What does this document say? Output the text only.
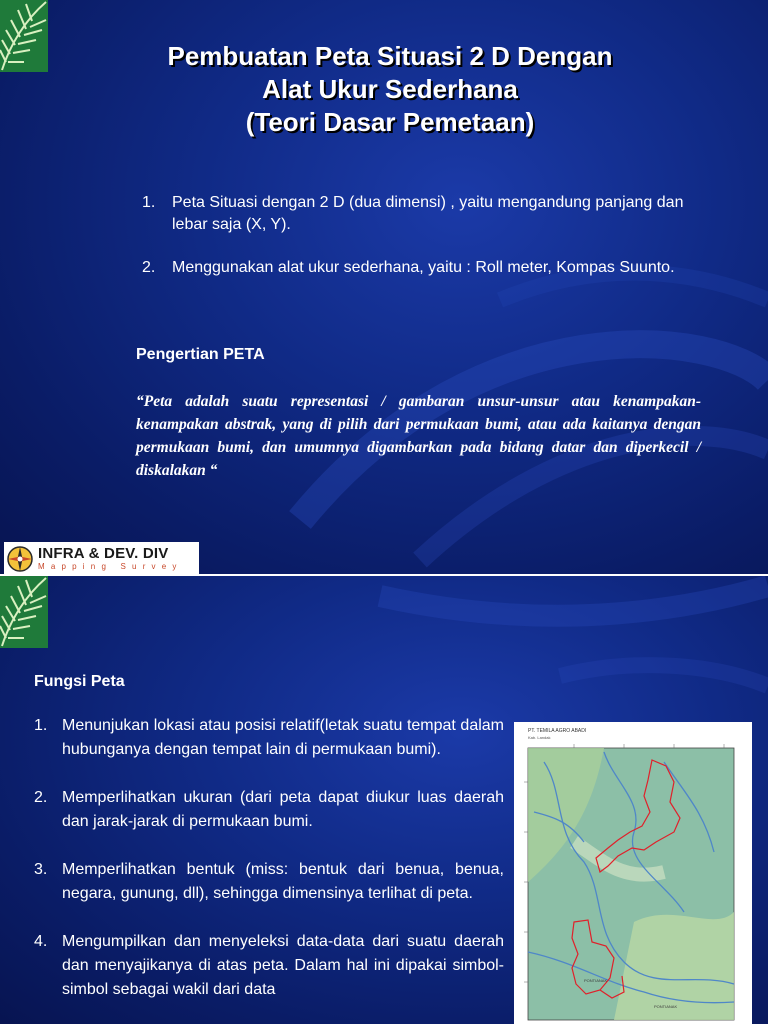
Pembuatan Peta Situasi 2 D Dengan
Alat Ukur Sederhana
(Teori Dasar Pemetaan)
1. Peta Situasi dengan 2 D (dua dimensi) , yaitu mengandung panjang dan lebar saja (X, Y).
2. Menggunakan alat ukur sederhana, yaitu : Roll meter, Kompas Suunto.
Pengertian PETA
“Peta adalah suatu representasi / gambaran unsur-unsur atau kenampakan-kenampakan abstrak, yang di pilih dari permukaan bumi, atau ada kaitanya dengan permukaan bumi, dan umumnya digambarkan pada bidang datar dan diperkecil / diskalakan “
INFRA & DEV. DIV
Mapping Survey
Fungsi Peta
1. Menunjukan lokasi atau posisi relatif(letak suatu tempat dalam hubunganya dengan tempat lain di permukaan bumi).
2. Memperlihatkan ukuran (dari peta dapat diukur luas daerah dan jarak-jarak di permukaan bumi.
3. Memperlihatkan bentuk (miss: bentuk dari benua, benua, negara, gunung, dll), sehingga dimensinya terlihat di peta.
4. Mengumpilkan dan menyeleksi data-data dari suatu daerah dan menyajikanya di atas peta. Dalam hal ini dipakai simbol-simbol sebagai wakil dari data
PT. TEMILA AGRO ABADI
Kab. Landak
PONTIANAK
PONTIANAK
